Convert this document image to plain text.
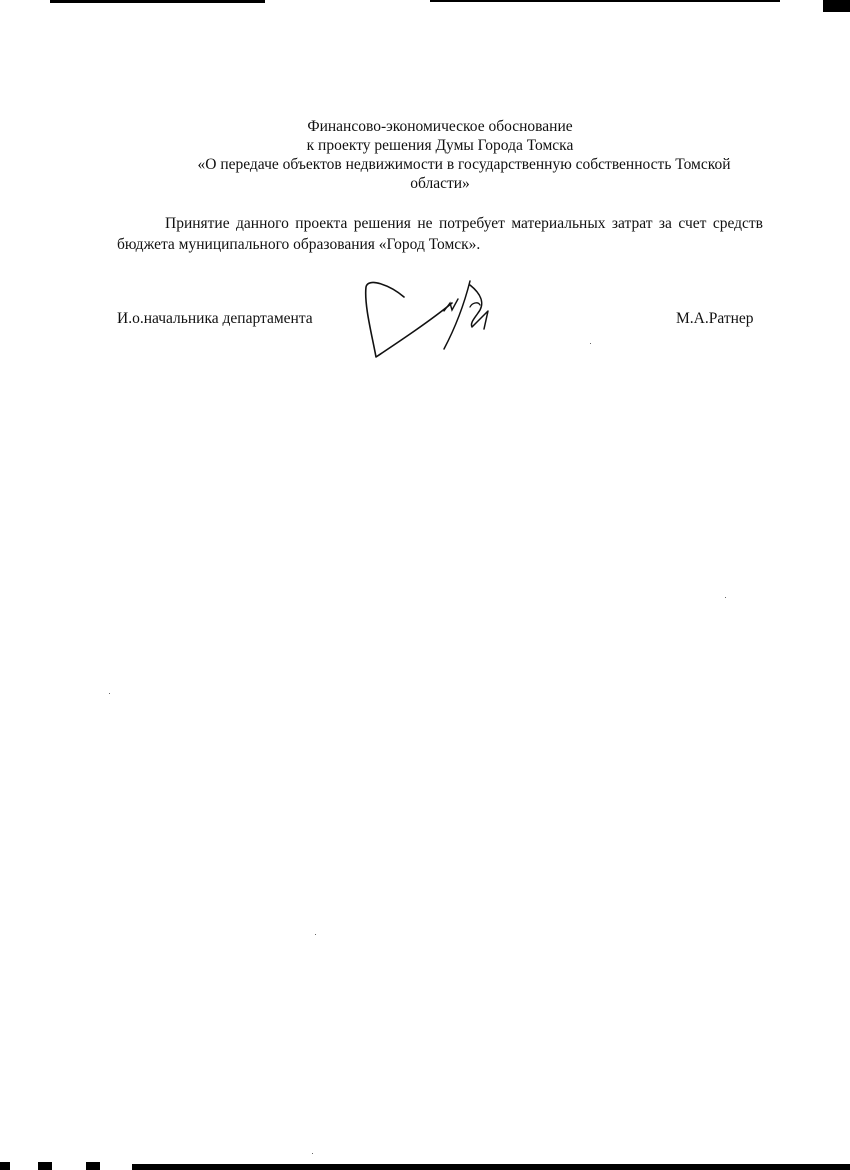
Финансово-экономическое обоснование
к проекту решения Думы Города Томска
«О передаче объектов недвижимости в государственную собственность Томской
области»
Принятие данного проекта решения не потребует материальных затрат за счет средств бюджета муниципального образования «Город Томск».
И.о.начальника департамента	М.А.Ратнер
